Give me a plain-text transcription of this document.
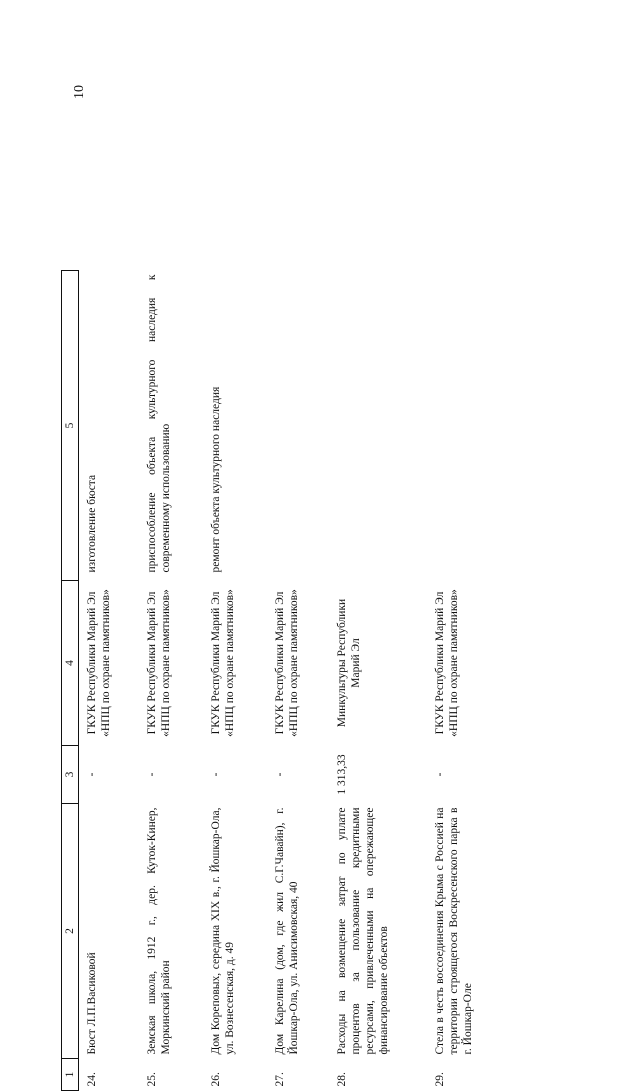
10
1	2	3	4	5
24.	Бюст Л.П.Васиковой	-	ГКУК Республики Марий Эл «НПЦ по охране памятников»	изготовление бюста
25.	Земская школа, 1912 г., дер. Куток-Кинер, Моркинский район	-	ГКУК Республики Марий Эл «НПЦ по охране памятников»	приспособление объекта культурного наследия к современному использованию
26.	Дом Кореповых, середина XIX в., г. Йошкар-Ола, ул. Вознесенская, д. 49	-	ГКУК Республики Марий Эл «НПЦ по охране памятников»	ремонт объекта культурного наследия
27.	Дом Карелина (дом, где жил С.Г.Чавайн), г. Йошкар-Ола, ул. Анисимовская, 40	-	ГКУК Республики Марий Эл «НПЦ по охране памятников»	
28.	Расходы на возмещение затрат по уплате процентов за пользование кредитными ресурсами, привлеченными на опережающее финансирование объектов	1 313,33	Минкультуры Республики Марий Эл	
29.	Стела в честь воссоединения Крыма с Россией на территории строящегося Воскресенского парка в г. Йошкар-Оле	-	ГКУК Республики Марий Эл «НПЦ по охране памятников»	
